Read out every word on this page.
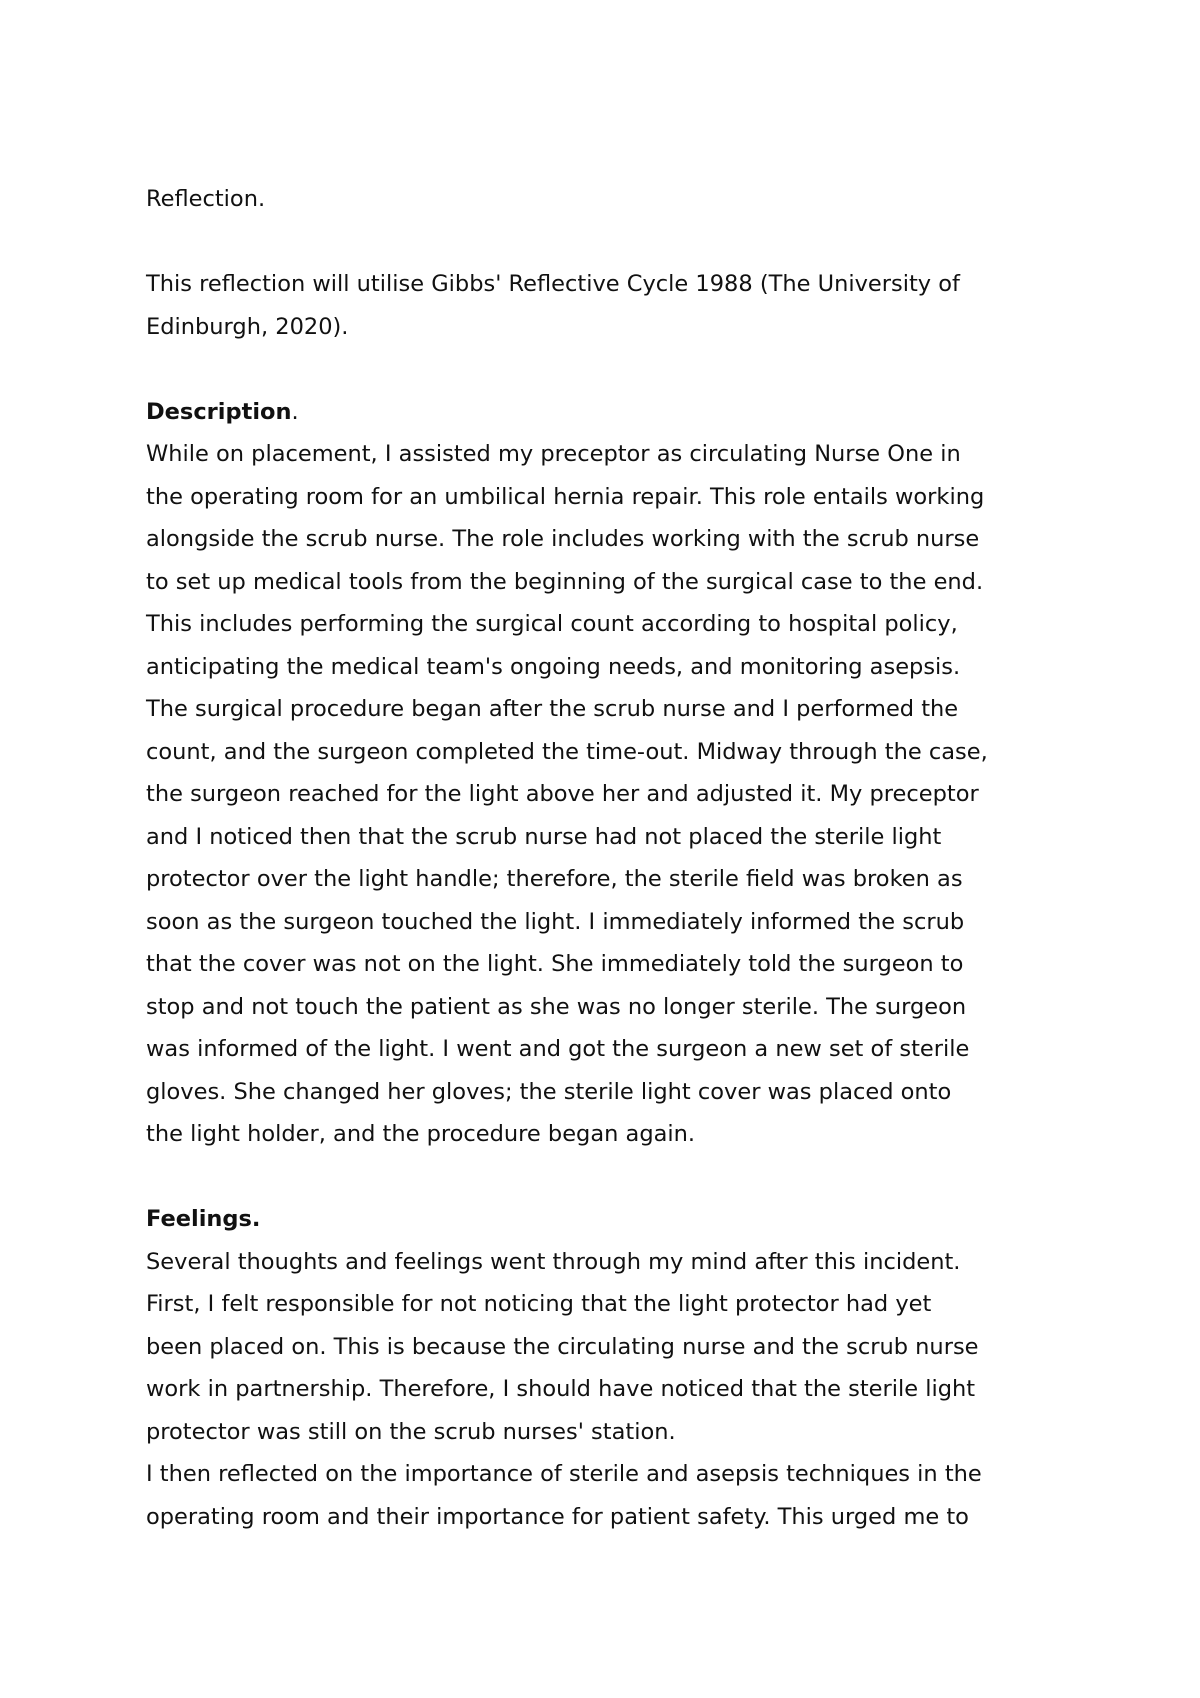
Reflection.

This reflection will utilise Gibbs' Reflective Cycle 1988 (The University of
Edinburgh, 2020).

Description.

While on placement, I assisted my preceptor as circulating Nurse One in
the operating room for an umbilical hernia repair. This role entails working
alongside the scrub nurse. The role includes working with the scrub nurse
to set up medical tools from the beginning of the surgical case to the end.
This includes performing the surgical count according to hospital policy,
anticipating the medical team's ongoing needs, and monitoring asepsis.
The surgical procedure began after the scrub nurse and I performed the
count, and the surgeon completed the time-out. Midway through the case,
the surgeon reached for the light above her and adjusted it. My preceptor
and I noticed then that the scrub nurse had not placed the sterile light
protector over the light handle; therefore, the sterile field was broken as
soon as the surgeon touched the light. I immediately informed the scrub
that the cover was not on the light. She immediately told the surgeon to
stop and not touch the patient as she was no longer sterile. The surgeon
was informed of the light. I went and got the surgeon a new set of sterile
gloves. She changed her gloves; the sterile light cover was placed onto
the light holder, and the procedure began again.

Feelings.

Several thoughts and feelings went through my mind after this incident.
First, I felt responsible for not noticing that the light protector had yet
been placed on. This is because the circulating nurse and the scrub nurse
work in partnership. Therefore, I should have noticed that the sterile light
protector was still on the scrub nurses' station.

I then reflected on the importance of sterile and asepsis techniques in the
operating room and their importance for patient safety. This urged me to
